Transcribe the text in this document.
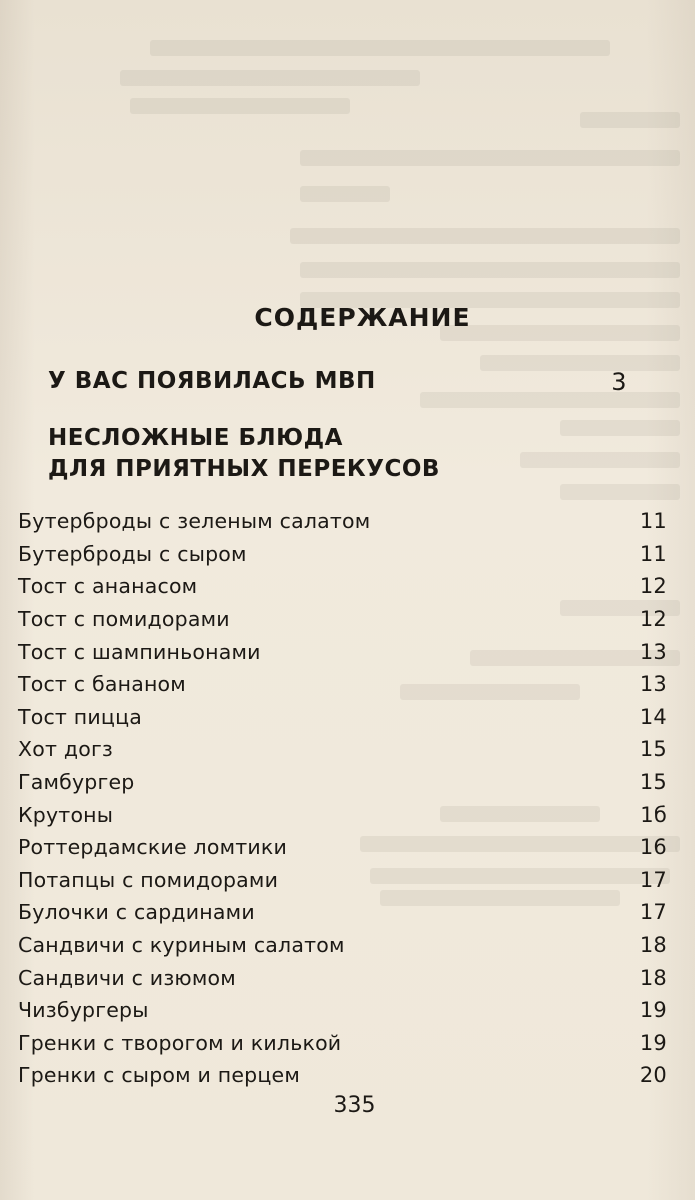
СОДЕРЖАНИЕ
У ВАС ПОЯВИЛАСЬ МВП	3
НЕСЛОЖНЫЕ БЛЮДА
ДЛЯ ПРИЯТНЫХ ПЕРЕКУСОВ
Бутерброды с зеленым салатом	11
Бутерброды с сыром	11
Тост с ананасом	12
Тост с помидорами	12
Тост с шампиньонами	13
Тост с бананом	13
Тост пицца	14
Хот догз	15
Гамбургер	15
Крутоны	1б
Роттердамские ломтики	16
Потапцы с помидорами	17
Булочки с сардинами	17
Сандвичи с куриным салатом	18
Сандвичи с изюмом	18
Чизбургеры	19
Гренки с творогом и килькой	19
Гренки с сыром и перцем	20
335
